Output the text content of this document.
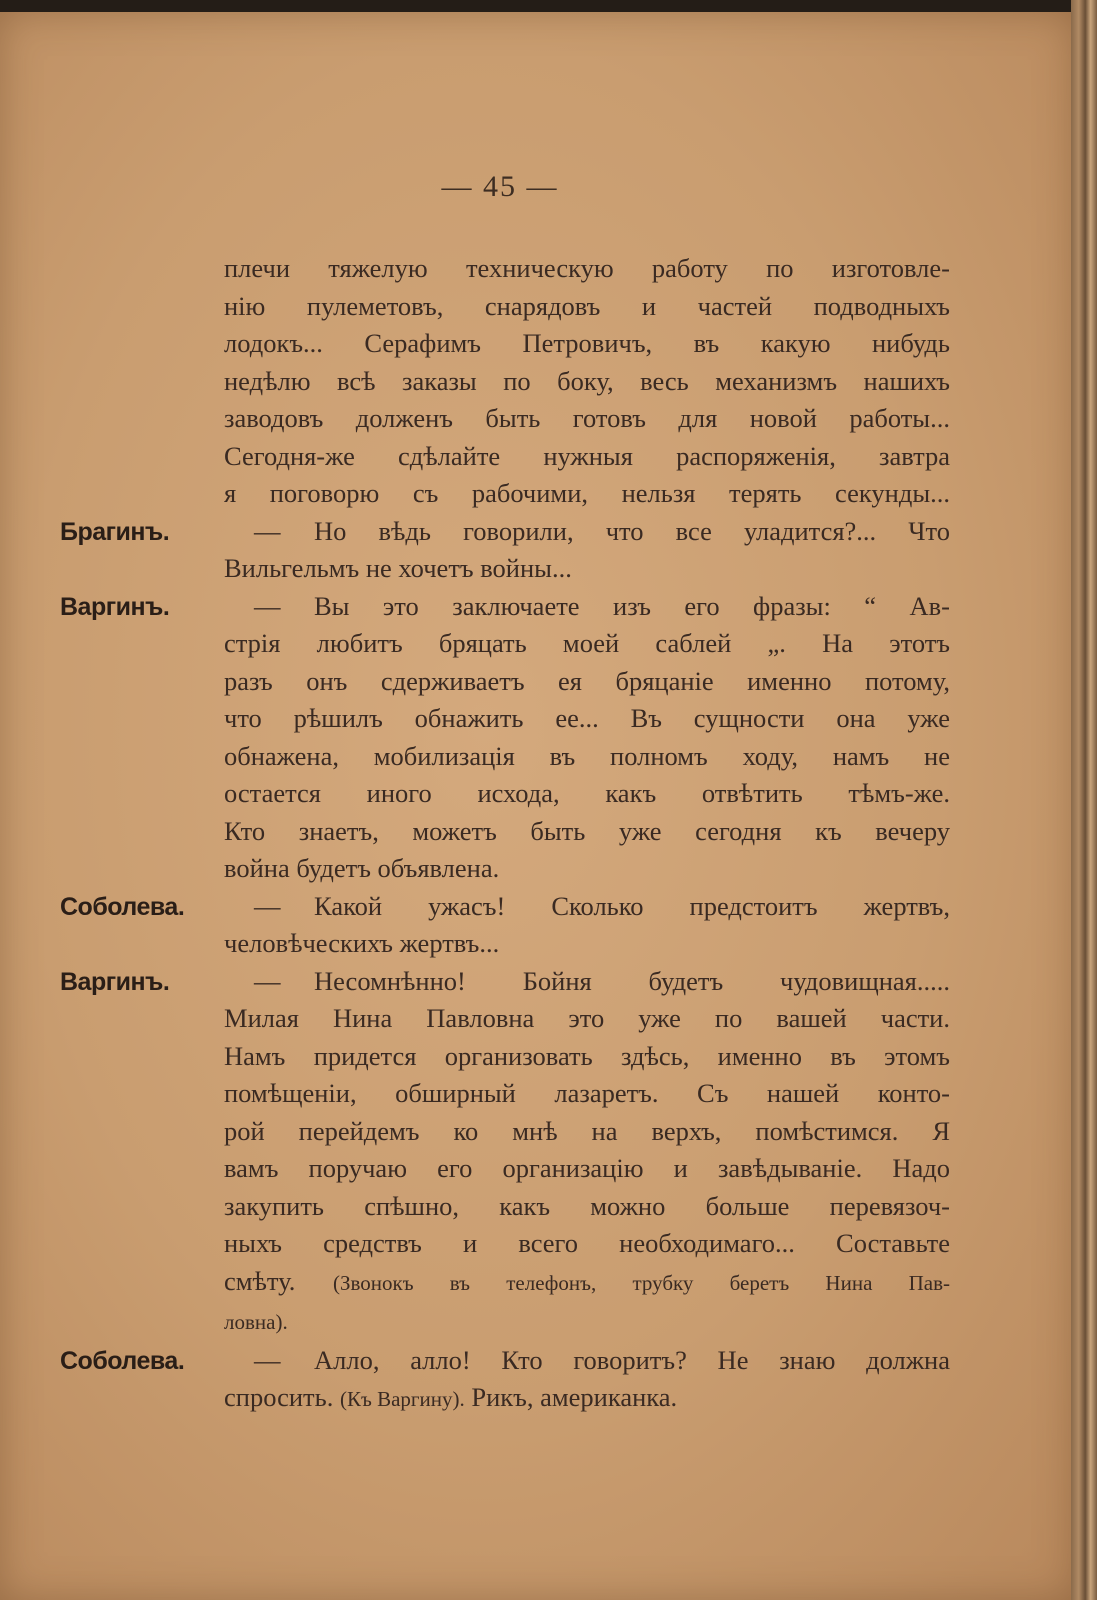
— 45 —
плечи тяжелую техническую работу по изготовле-
нію пулеметовъ, снарядовъ и частей подводныхъ
лодокъ... Серафимъ Петровичъ, въ какую нибудь
недѣлю всѣ заказы по боку, весь механизмъ нашихъ
заводовъ долженъ быть готовъ для новой работы...
Сегодня-же сдѣлайте нужныя распоряженія, завтра
я поговорю съ рабочими, нельзя терять секунды...
Брагинъ.	— Но вѣдь говорили, что все уладится?... Что
Вильгельмъ не хочетъ войны...
Варгинъ.	— Вы это заключаете изъ его фразы: “ Ав-
стрія любитъ бряцать моей саблей „. На этотъ
разъ онъ сдерживаетъ ея бряцаніе именно потому,
что рѣшилъ обнажить ее... Въ сущности она уже
обнажена, мобилизація въ полномъ ходу, намъ не
остается иного исхода, какъ отвѣтить тѣмъ-же.
Кто знаетъ, можетъ быть уже сегодня къ вечеру
война будетъ объявлена.
Соболева.	— Какой ужасъ! Сколько предстоитъ жертвъ,
человѣческихъ жертвъ...
Варгинъ.	— Несомнѣнно! Бойня будетъ чудовищная.....
Милая Нина Павловна это уже по вашей части.
Намъ придется организовать здѣсь, именно въ этомъ
помѣщеніи, обширный лазаретъ. Съ нашей конто-
рой перейдемъ ко мнѣ на верхъ, помѣстимся. Я
вамъ поручаю его организацію и завѣдываніе. Надо
закупить спѣшно, какъ можно больше перевязоч-
ныхъ средствъ и всего необходимаго... Составьте
смѣту. (Звонокъ въ телефонъ, трубку беретъ Нина Пав-
ловна).
Соболева.	— Алло, алло! Кто говоритъ? Не знаю должна
спросить. (Къ Варгину). Рикъ, американка.
